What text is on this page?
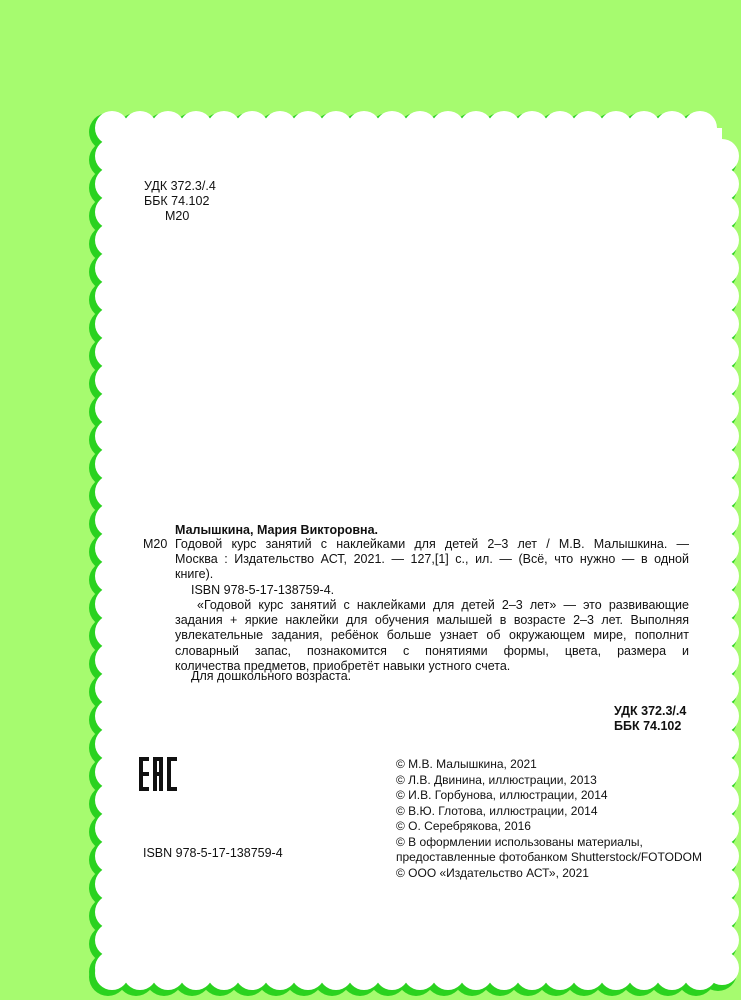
УДК 372.3/.4
ББК 74.102
М20
Малышкина, Мария Викторовна.
М20 Годовой курс занятий с наклейками для детей 2–3 лет / М.В. Малышкина. —
Москва : Издательство АСТ, 2021. — 127,[1] с., ил. — (Всё, что нужно — в одной
книге).
ISBN 978-5-17-138759-4.
«Годовой курс занятий с наклейками для детей 2–3 лет» — это развивающие
задания + яркие наклейки для обучения малышей в возрасте 2–3 лет. Выполняя
увлекательные задания, ребёнок больше узнает об окружающем мире, пополнит
словарный запас, познакомится с понятиями формы, цвета, размера и
количества предметов, приобретёт навыки устного счета.
Для дошкольного возраста.
УДК 372.3/.4
ББК 74.102
ISBN 978-5-17-138759-4
© М.В. Малышкина, 2021
© Л.В. Двинина, иллюстрации, 2013
© И.В. Горбунова, иллюстрации, 2014
© В.Ю. Глотова, иллюстрации, 2014
© О. Серебрякова, 2016
© В оформлении использованы материалы,
предоставленные фотобанком Shutterstock/FOTODOM
© ООО «Издательство АСТ», 2021
